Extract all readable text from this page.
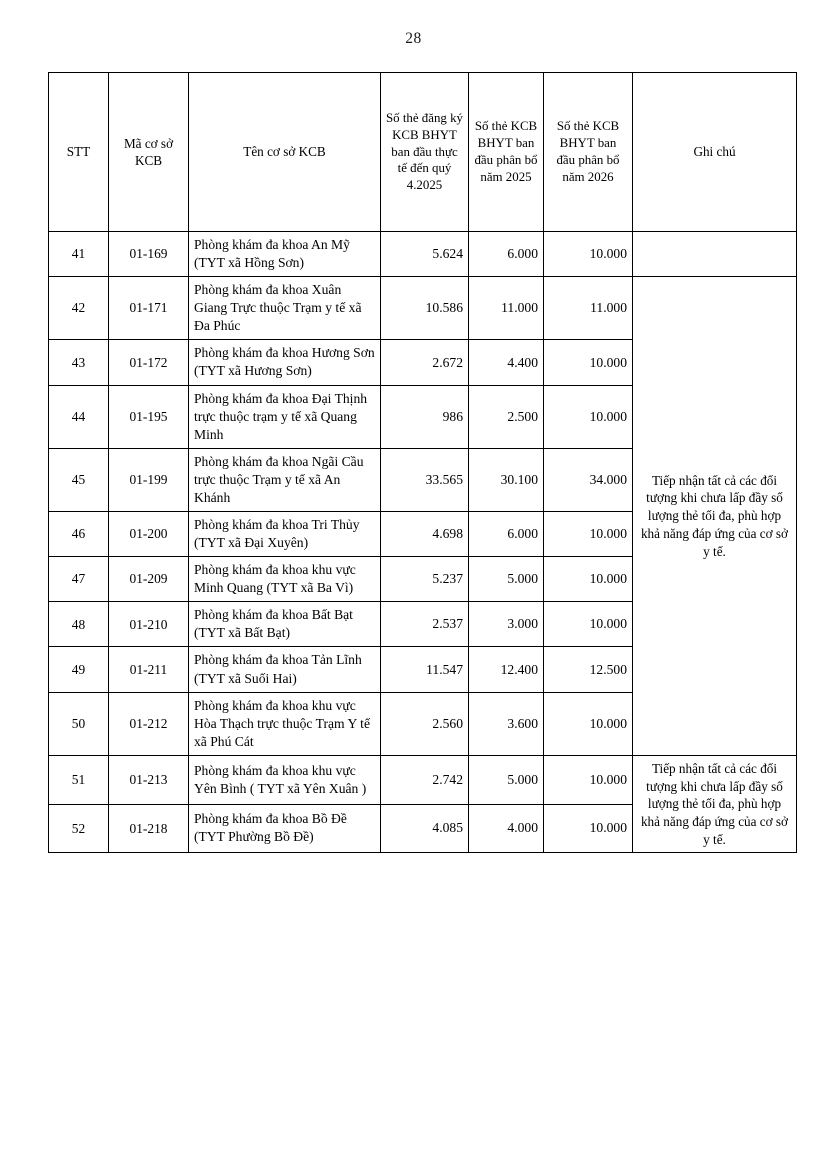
28
STT	Mã cơ sở KCB	Tên cơ sở KCB	Số thẻ đăng ký KCB BHYT ban đầu thực tế đến quý 4.2025	Số thẻ KCB BHYT ban đầu phân bổ năm 2025	Số thẻ KCB BHYT ban đầu phân bổ năm 2026	Ghi chú
41	01-169	Phòng khám đa khoa An Mỹ (TYT xã Hồng Sơn)	5.624	6.000	10.000	
42	01-171	Phòng khám đa khoa Xuân Giang Trực thuộc Trạm y tế xã Đa Phúc	10.586	11.000	11.000	Tiếp nhận tất cả các đối tượng khi chưa lấp đầy số lượng thẻ tối đa, phù hợp khả năng đáp ứng của cơ sở y tế.
43	01-172	Phòng khám đa khoa Hương Sơn (TYT xã Hương Sơn)	2.672	4.400	10.000	
44	01-195	Phòng khám đa khoa Đại Thịnh trực thuộc trạm y tế xã Quang Minh	986	2.500	10.000	
45	01-199	Phòng khám đa khoa Ngãi Cầu trực thuộc Trạm y tế xã An Khánh	33.565	30.100	34.000	
46	01-200	Phòng khám đa khoa Tri Thủy (TYT xã Đại Xuyên)	4.698	6.000	10.000	
47	01-209	Phòng khám đa khoa khu vực Minh Quang (TYT xã Ba Vì)	5.237	5.000	10.000	
48	01-210	Phòng khám đa khoa Bất Bạt (TYT xã Bất Bạt)	2.537	3.000	10.000	
49	01-211	Phòng khám đa khoa Tản Lĩnh (TYT xã Suối Hai)	11.547	12.400	12.500	
50	01-212	Phòng khám đa khoa khu vực Hòa Thạch trực thuộc Trạm Y tế xã Phú Cát	2.560	3.600	10.000	
51	01-213	Phòng khám đa khoa khu vực Yên Bình ( TYT xã Yên Xuân )	2.742	5.000	10.000	Tiếp nhận tất cả các đối tượng khi chưa lấp đầy số lượng thẻ tối đa, phù hợp khả năng đáp ứng của cơ sở y tế.
52	01-218	Phòng khám đa khoa Bồ Đề (TYT Phường Bồ Đề)	4.085	4.000	10.000	
